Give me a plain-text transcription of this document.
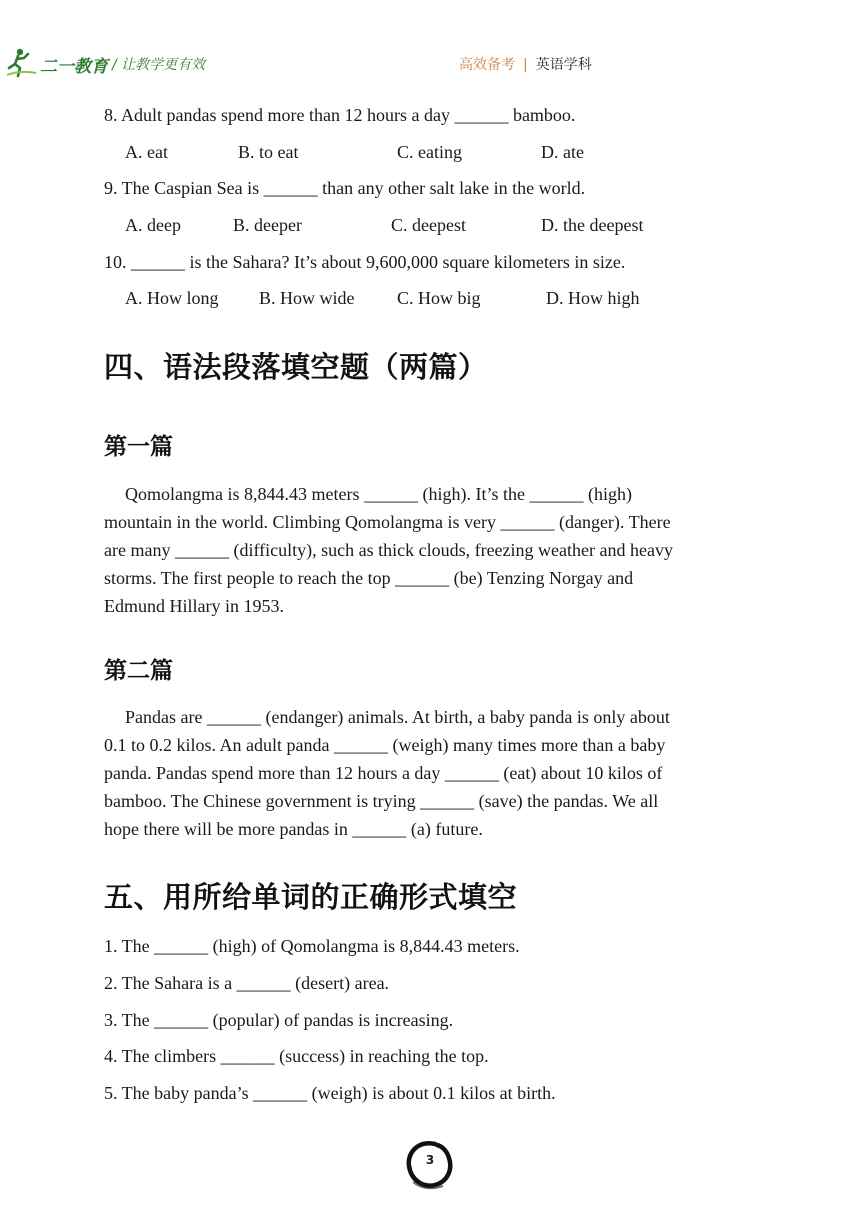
二一教育 / 让教学更有效	高效备考 | 英语学科
8. Adult pandas spend more than 12 hours a day ______ bamboo.
A. eat	B. to eat	C. eating	D. ate
9. The Caspian Sea is ______ than any other salt lake in the world.
A. deep	B. deeper	C. deepest	D. the deepest
10. ______ is the Sahara? It’s about 9,600,000 square kilometers in size.
A. How long B. How wide C. How big	D. How high
四、语法段落填空题（两篇）
第一篇
Qomolangma is 8,844.43 meters ______ (high). It’s the ______ (high)
mountain in the world. Climbing Qomolangma is very ______ (danger). There
are many ______ (difficulty), such as thick clouds, freezing weather and heavy
storms. The first people to reach the top ______ (be) Tenzing Norgay and
Edmund Hillary in 1953.
第二篇
Pandas are ______ (endanger) animals. At birth, a baby panda is only about
0.1 to 0.2 kilos. An adult panda ______ (weigh) many times more than a baby
panda. Pandas spend more than 12 hours a day ______ (eat) about 10 kilos of
bamboo. The Chinese government is trying ______ (save) the pandas. We all
hope there will be more pandas in ______ (a) future.
五、用所给单词的正确形式填空
1. The ______ (high) of Qomolangma is 8,844.43 meters.
2. The Sahara is a ______ (desert) area.
3. The ______ (popular) of pandas is increasing.
4. The climbers ______ (success) in reaching the top.
5. The baby panda’s ______ (weigh) is about 0.1 kilos at birth.
3
